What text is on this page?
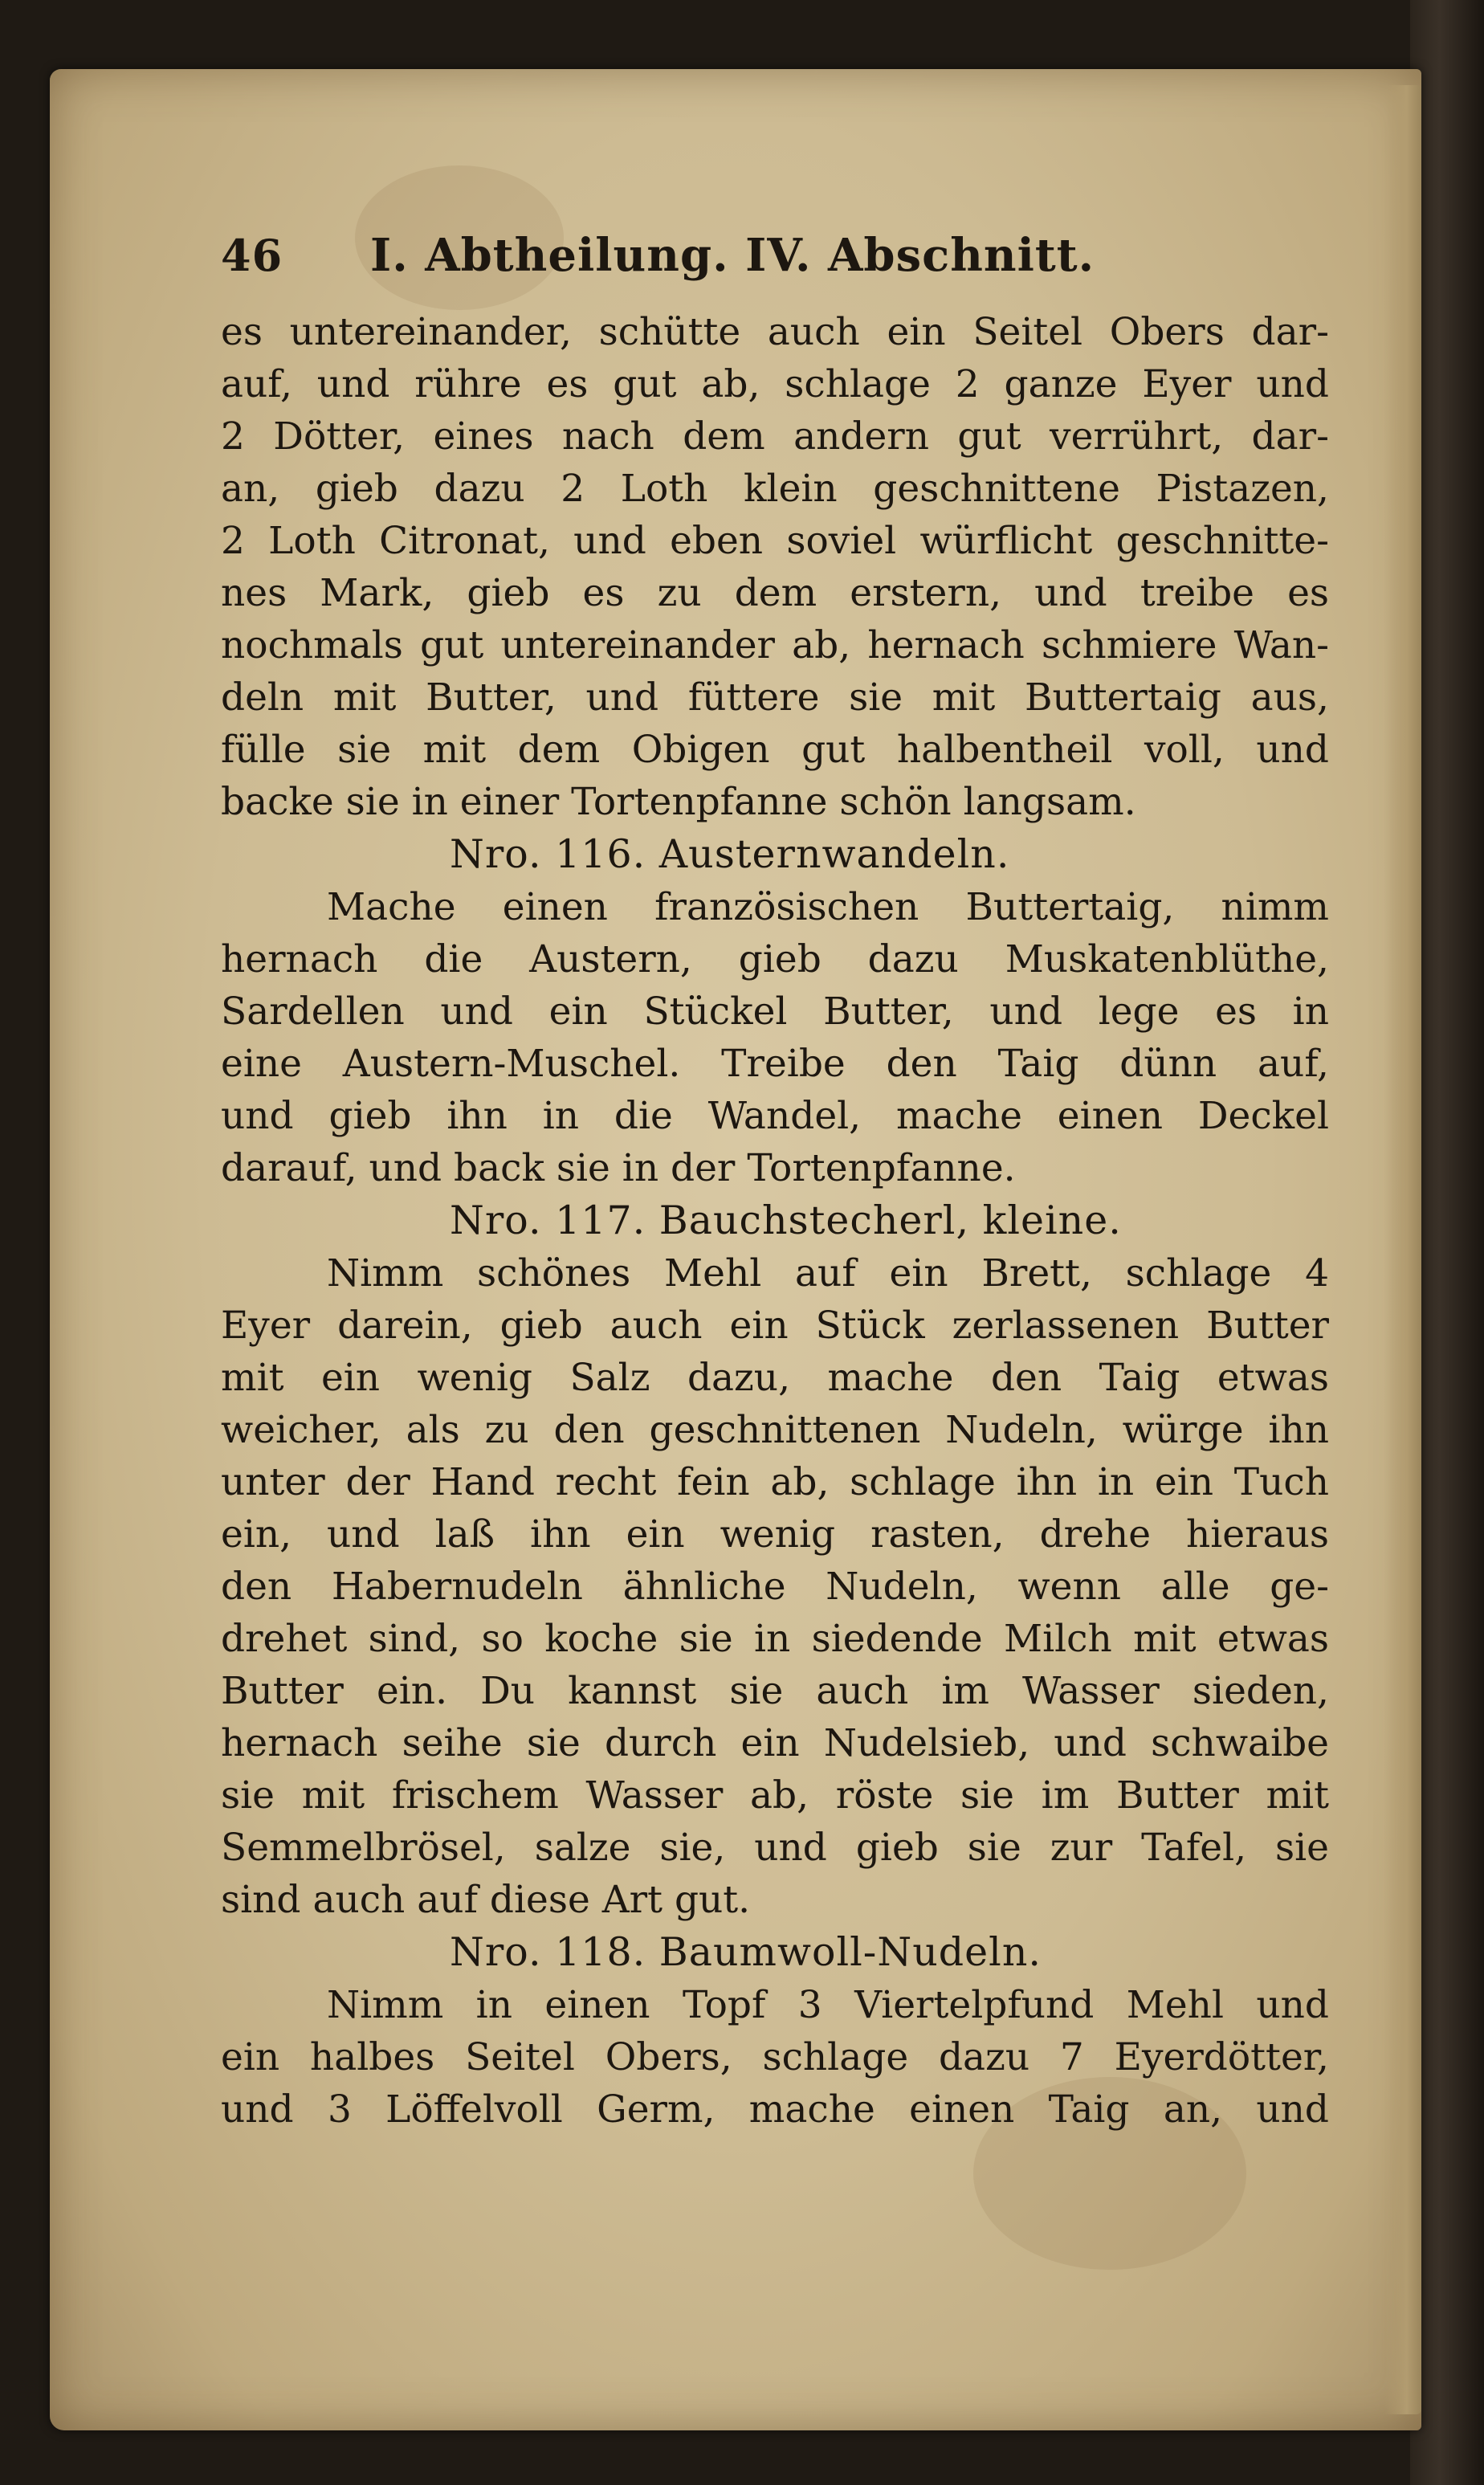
46	I. Abtheilung. IV. Abschnitt.
es untereinander, schütte auch ein Seitel Obers dar-
auf, und rühre es gut ab, schlage 2 ganze Eyer und
2 Dötter, eines nach dem andern gut verrührt, dar-
an, gieb dazu 2 Loth klein geschnittene Pistazen,
2 Loth Citronat, und eben soviel würflicht geschnitte-
nes Mark, gieb es zu dem erstern, und treibe es
nochmals gut untereinander ab, hernach schmiere Wan-
deln mit Butter, und füttere sie mit Buttertaig aus,
fülle sie mit dem Obigen gut halbentheil voll, und
backe sie in einer Tortenpfanne schön langsam.
Nro. 116. Austernwandeln.
Mache einen französischen Buttertaig, nimm
hernach die Austern, gieb dazu Muskatenblüthe,
Sardellen und ein Stückel Butter, und lege es in
eine Austern-Muschel. Treibe den Taig dünn auf,
und gieb ihn in die Wandel, mache einen Deckel
darauf, und back sie in der Tortenpfanne.
Nro. 117. Bauchstecherl, kleine.
Nimm schönes Mehl auf ein Brett, schlage 4
Eyer darein, gieb auch ein Stück zerlassenen Butter
mit ein wenig Salz dazu, mache den Taig etwas
weicher, als zu den geschnittenen Nudeln, würge ihn
unter der Hand recht fein ab, schlage ihn in ein Tuch
ein, und laß ihn ein wenig rasten, drehe hieraus
den Habernudeln ähnliche Nudeln, wenn alle ge-
drehet sind, so koche sie in siedende Milch mit etwas
Butter ein. Du kannst sie auch im Wasser sieden,
hernach seihe sie durch ein Nudelsieb, und schwaibe
sie mit frischem Wasser ab, röste sie im Butter mit
Semmelbrösel, salze sie, und gieb sie zur Tafel, sie
sind auch auf diese Art gut.
Nro. 118. Baumwoll-Nudeln.
Nimm in einen Topf 3 Viertelpfund Mehl und
ein halbes Seitel Obers, schlage dazu 7 Eyerdötter,
und 3 Löffelvoll Germ, mache einen Taig an, und
